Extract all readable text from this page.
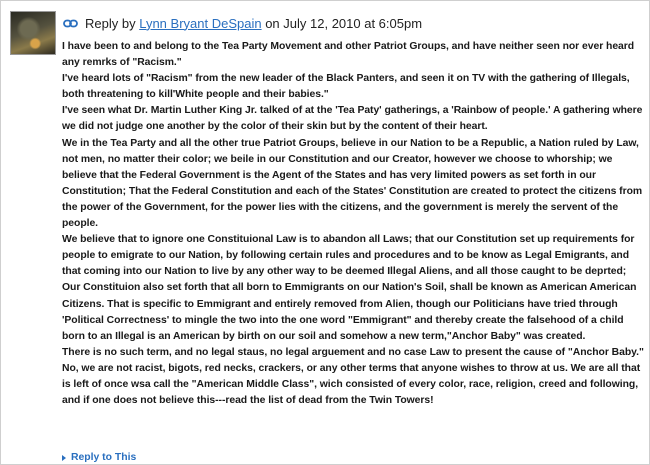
Reply by
Lynn Bryant DeSpain
on July 12, 2010 at 6:05pm

I have been to and belong to the Tea Party Movement and other Patriot Groups, and have neither seen nor ever heard any remrks of "Racism."

I've heard lots of "Racism" from the new leader of the Black Panters, and seen it on TV with the gathering of Illegals, both threatening to kill'White people and their babies."

I've seen what Dr. Martin Luther King Jr. talked of at the 'Tea Paty' gatherings, a 'Rainbow of people.' A gathering where we did not judge one another by the color of their skin but by the content of their heart.

We in the Tea Party and all the other true Patriot Groups, believe in our Nation to be a Republic, a Nation ruled by Law, not men, no matter their color; we beile in our Constitution and our Creator, however we choose to whorship; we believe that the Federal Government is the Agent of the States and has very limited powers as set forth in our Constitution; That the Federal Constitution and each of the States' Constitution are created to protect the citizens from the power of the Government, for the power lies with the citizens, and the government is merely the servent of the people.

We believe that to ignore one Constituional Law is to abandon all Laws; that our Constitution set up requirements for people to emigrate to our Nation, by following certain rules and procedures and to be know as Legal Emigrants, and that coming into our Nation to live by any other way to be deemed Illegal Aliens, and all those caught to be deprted; Our Constituion also set forth that all born to Emmigrants on our Nation's Soil, shall be known as American American Citizens. That is specific to Emmigrant and entirely removed from Alien, though our Politicians have tried through 'Political Correctness' to mingle the two into the one word "Emmigrant" and thereby create the falsehood of a child born to an Illegal is an American by birth on our soil and somehow a new term,"Anchor Baby" was created.

There is no such term, and no legal staus, no legal arguement and no case Law to present the cause of "Anchor Baby."

No, we are not racist, bigots, red necks, crackers, or any other terms that anyone wishes to throw at us. We are all that is left of once wsa call the "American Middle Class", wich consisted of every color, race, religion, creed and following, and if one does not believe this---read the list of dead from the Twin Towers!

Reply to This
